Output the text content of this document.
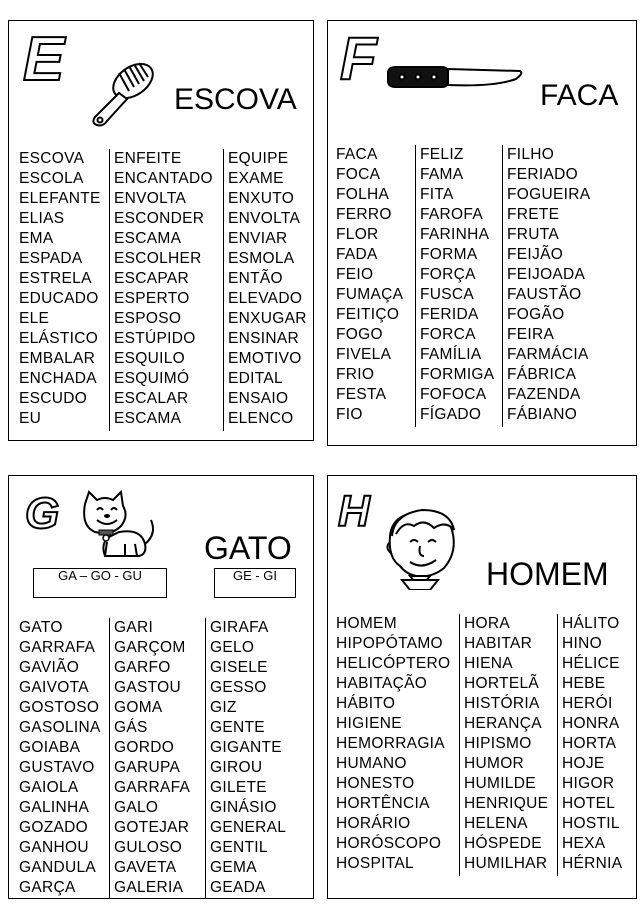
E
ESCOVA
ESCOVA
ESCOLA
ELEFANTE
ELIAS
EMA
ESPADA
ESTRELA
EDUCADO
ELE
ELÁSTICO
EMBALAR
ENCHADA
ESCUDO
EU
ENFEITE
ENCANTADO
ENVOLTA
ESCONDER
ESCAMA
ESCOLHER
ESCAPAR
ESPERTO
ESPOSO
ESTÚPIDO
ESQUILO
ESQUIMÓ
ESCALAR
ESCAMA
EQUIPE
EXAME
ENXUTO
ENVOLTA
ENVIAR
ESMOLA
ENTÃO
ELEVADO
ENXUGAR
ENSINAR
EMOTIVO
EDITAL
ENSAIO
ELENCO
F
FACA
FACA
FOCA
FOLHA
FERRO
FLOR
FADA
FEIO
FUMAÇA
FEITIÇO
FOGO
FIVELA
FRIO
FESTA
FIO
FELIZ
FAMA
FITA
FAROFA
FARINHA
FORMA
FORÇA
FUSCA
FERIDA
FORCA
FAMÍLIA
FORMIGA
FOFOCA
FÍGADO
FILHO
FERIADO
FOGUEIRA
FRETE
FRUTA
FEIJÃO
FEIJOADA
FAUSTÃO
FOGÃO
FEIRA
FARMÁCIA
FÁBRICA
FAZENDA
FÁBIANO
G
GATO
GA – GO - GU	GE - GI
GATO
GARRAFA
GAVIÃO
GAIVOTA
GOSTOSO
GASOLINA
GOIABA
GUSTAVO
GAIOLA
GALINHA
GOZADO
GANHOU
GANDULA
GARÇA
GARI
GARÇOM
GARFO
GASTOU
GOMA
GÁS
GORDO
GARUPA
GARRAFA
GALO
GOTEJAR
GULOSO
GAVETA
GALERIA
GIRAFA
GELO
GISELE
GESSO
GIZ
GENTE
GIGANTE
GIROU
GILETE
GINÁSIO
GENERAL
GENTIL
GEMA
GEADA
H
HOMEM
HOMEM
HIPOPÓTAMO
HELICÓPTERO
HABITAÇÃO
HÁBITO
HIGIENE
HEMORRAGIA
HUMANO
HONESTO
HORTÊNCIA
HORÁRIO
HORÓSCOPO
HOSPITAL
HORA
HABITAR
HIENA
HORTELÃ
HISTÓRIA
HERANÇA
HIPISMO
HUMOR
HUMILDE
HENRIQUE
HELENA
HÓSPEDE
HUMILHAR
HÁLITO
HINO
HÉLICE
HEBE
HERÓI
HONRA
HORTA
HOJE
HIGOR
HOTEL
HOSTIL
HEXA
HÉRNIA
